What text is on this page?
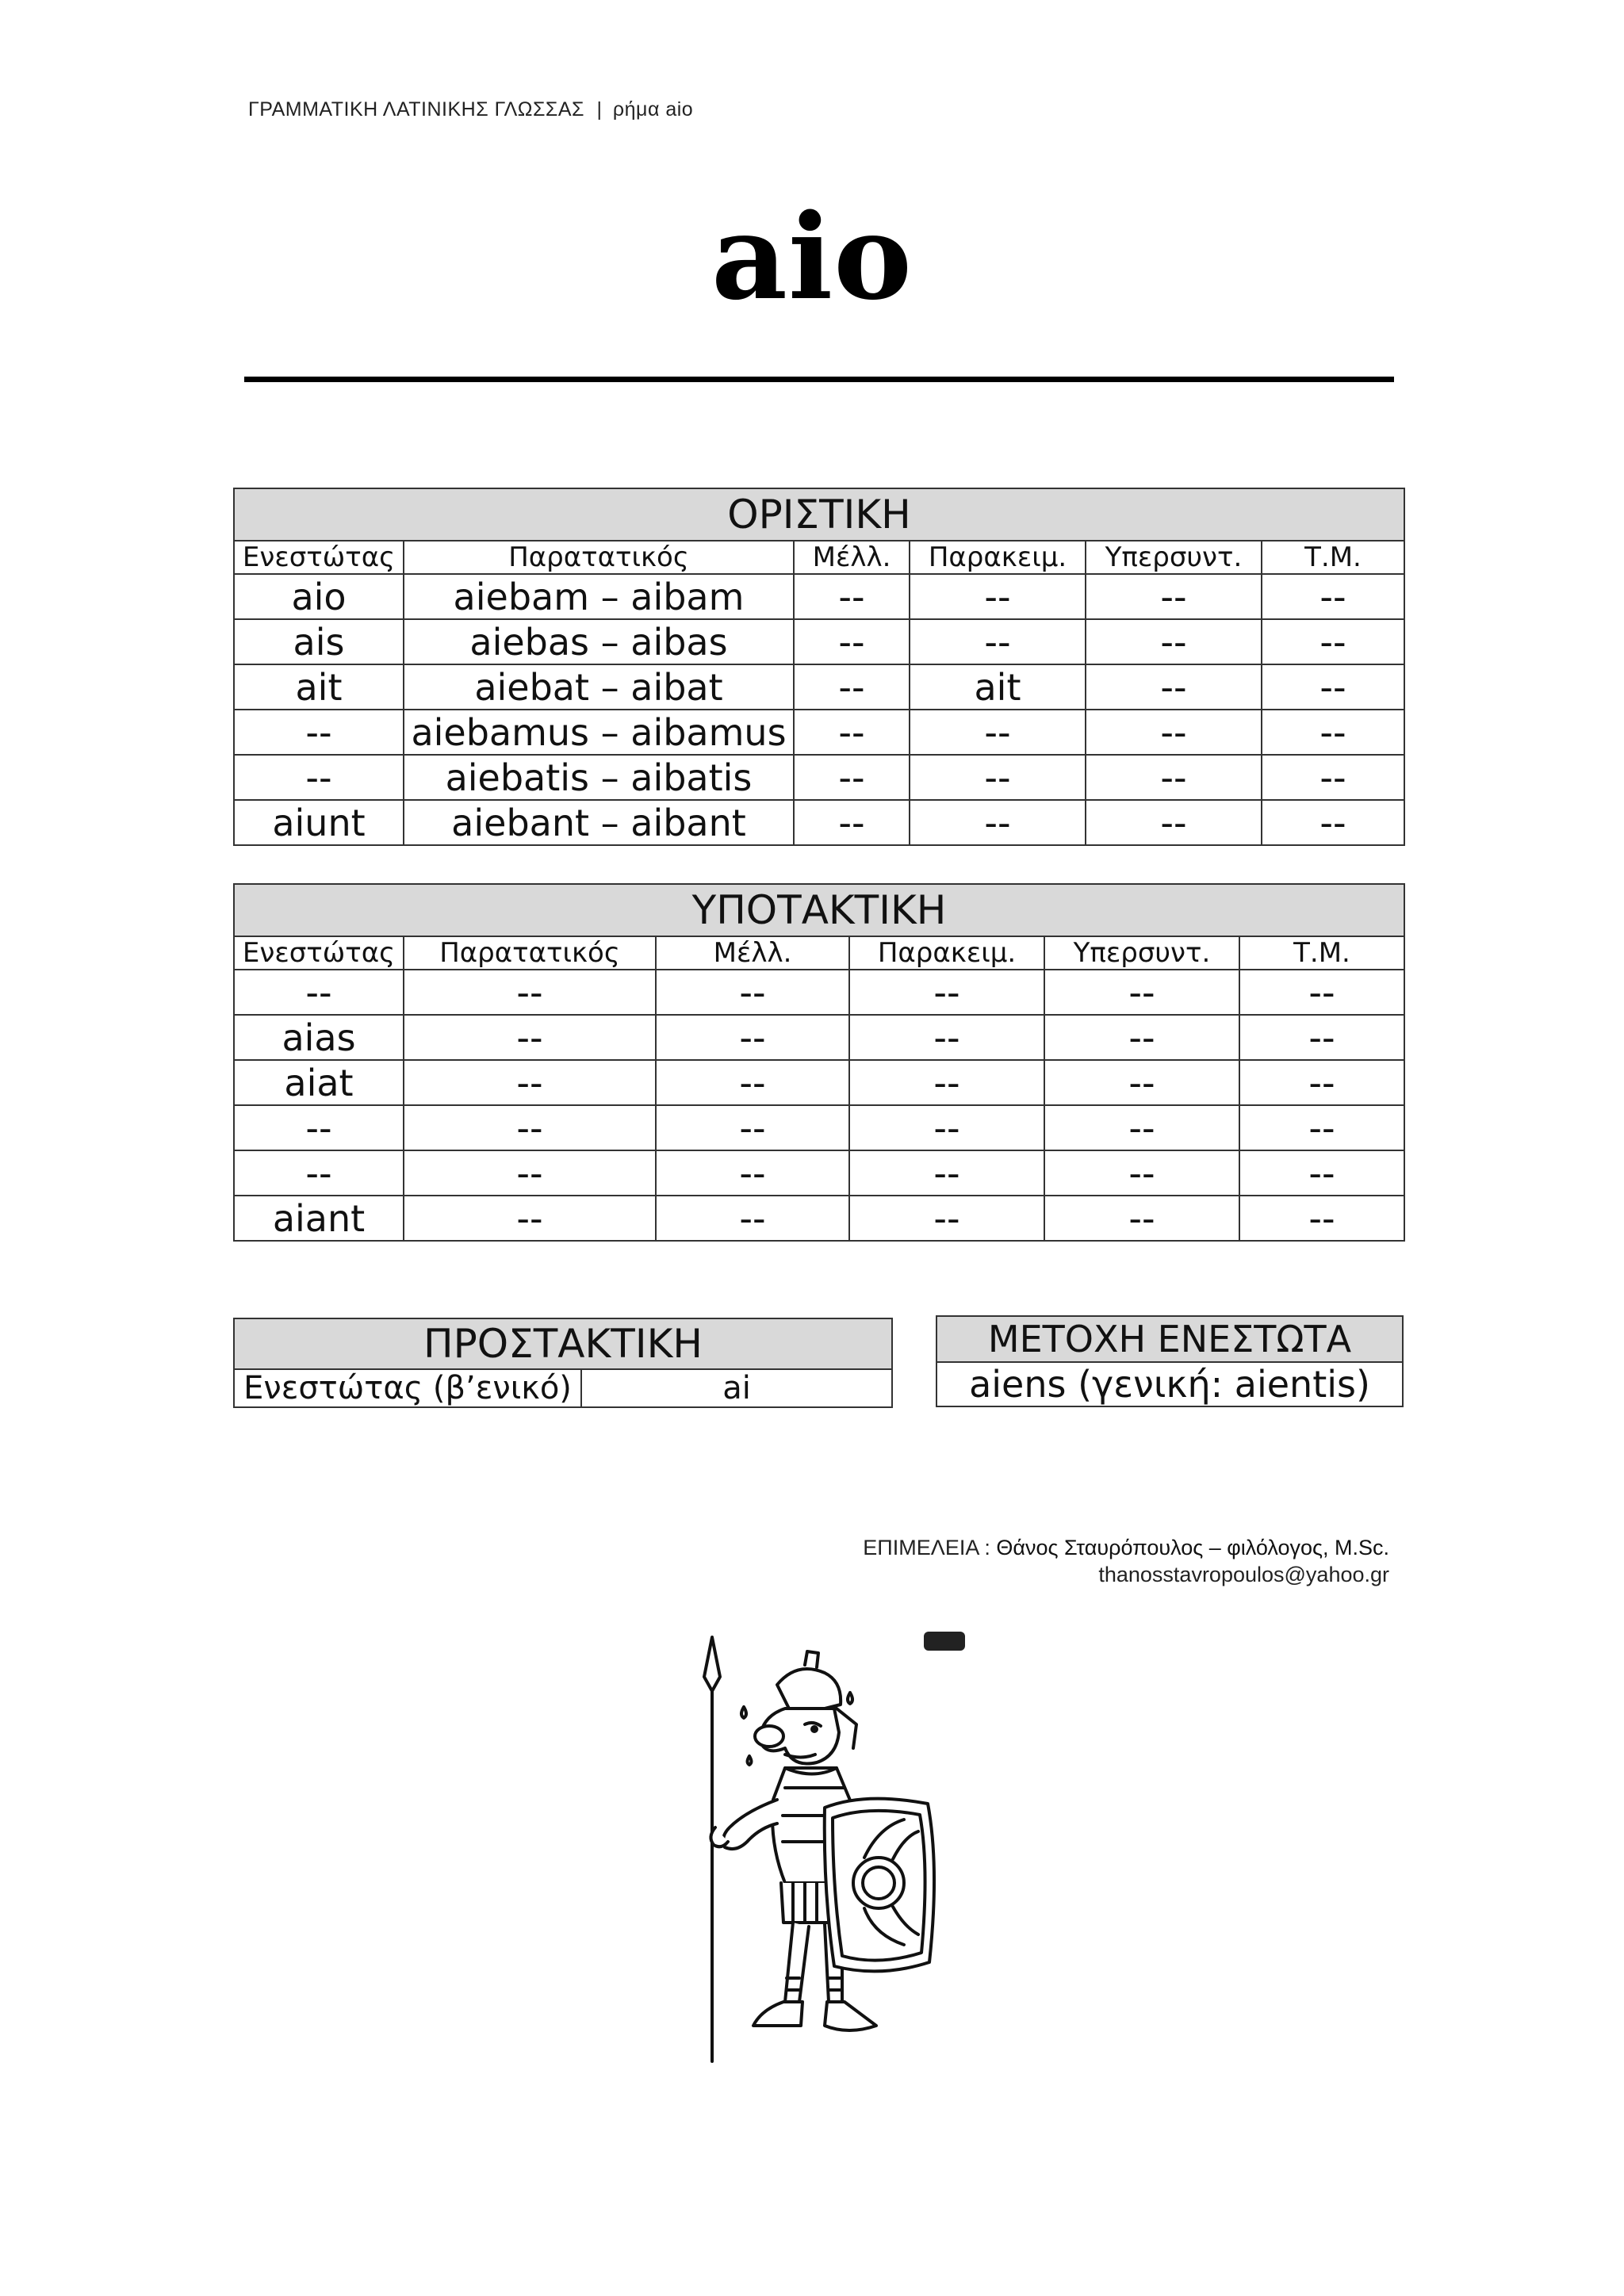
ΓΡΑΜΜΑΤΙΚΗ ΛΑΤΙΝΙΚΗΣ ΓΛΩΣΣΑΣ | ρήμα aio
aio
ΟΡΙΣΤΙΚΗ					
Ενεστώτας	Παρατατικός	Μέλλ.	Παρακειμ.	Υπερσυντ.	Τ.Μ.
aio	aiebam – aibam	--	--	--	--
ais	aiebas – aibas	--	--	--	--
ait	aiebat – aibat	--	ait	--	--
--	aiebamus – aibamus	--	--	--	--
--	aiebatis – aibatis	--	--	--	--
aiunt	aiebant – aibant	--	--	--	--
ΥΠΟΤΑΚΤΙΚΗ					
Ενεστώτας	Παρατατικός	Μέλλ.	Παρακειμ.	Υπερσυντ.	Τ.Μ.
--	--	--	--	--	--
aias	--	--	--	--	--
aiat	--	--	--	--	--
--	--	--	--	--	--
--	--	--	--	--	--
aiant	--	--	--	--	--
ΠΡΟΣΤΑΚΤΙΚΗ
Ενεστώτας (β’ενικό)	ai
ΜΕΤΟΧΗ ΕΝΕΣΤΩΤΑ
aiens (γενική: aientis)
ΕΠΙΜΕΛΕΙΑ : Θάνος Σταυρόπουλος – φιλόλογος, M.Sc.
thanosstavropoulos@yahoo.gr
